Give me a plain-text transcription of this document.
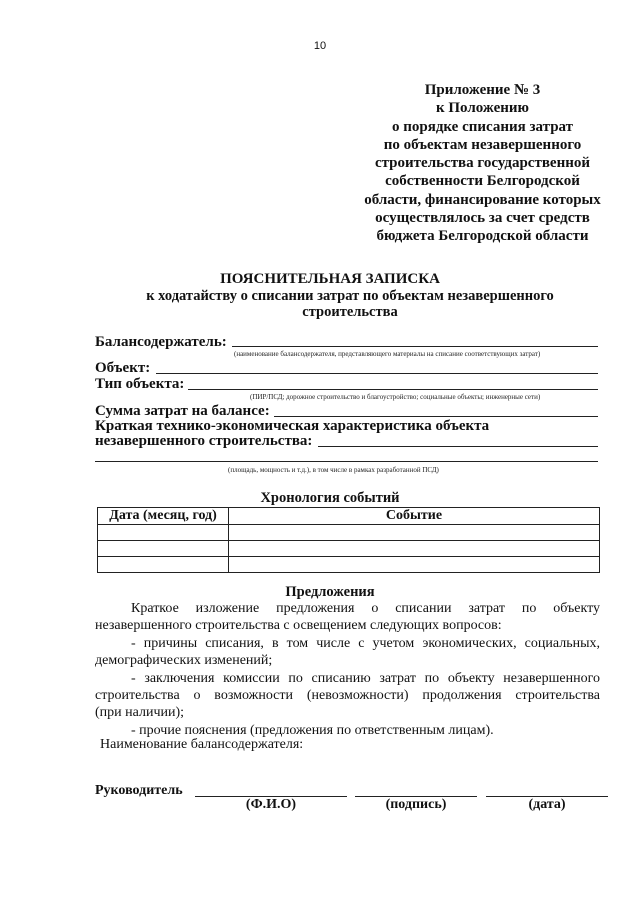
10
Приложение № 3
к Положению
о порядке списания затрат
по объектам незавершенного
строительства государственной
собственности Белгородской
области, финансирование которых
осуществлялось за счет средств
бюджета Белгородской области
ПОЯСНИТЕЛЬНАЯ ЗАПИСКА
к ходатайству о списании затрат по объектам незавершенного
строительства
Балансодержатель:
(наименование балансодержателя, представляющего материалы на списание соответствующих затрат)
Объект:
Тип объекта:
(ПИР/ПСД; дорожное строительство и благоустройство; социальные объекты; инженерные сети)
Сумма затрат на балансе:
Краткая технико-экономическая характеристика объекта
незавершенного строительства:
(площадь, мощность и т.д.), в том числе в рамках разработанной ПСД)
Хронология событий
Дата (месяц, год)	Событие

Предложения

Краткое изложение предложения о списании затрат по объекту

незавершенного строительства с освещением следующих вопросов:

- причины списания, в том числе с учетом экономических, социальных,

демографических изменений;

- заключения комиссии по списанию затрат по объекту незавершенного

строительства о возможности (невозможности) продолжения строительства

(при наличии);

- прочие пояснения (предложения по ответственным лицам).

Наименование балансодержателя:
Руководитель
(Ф.И.О)	(подпись)	(дата)
